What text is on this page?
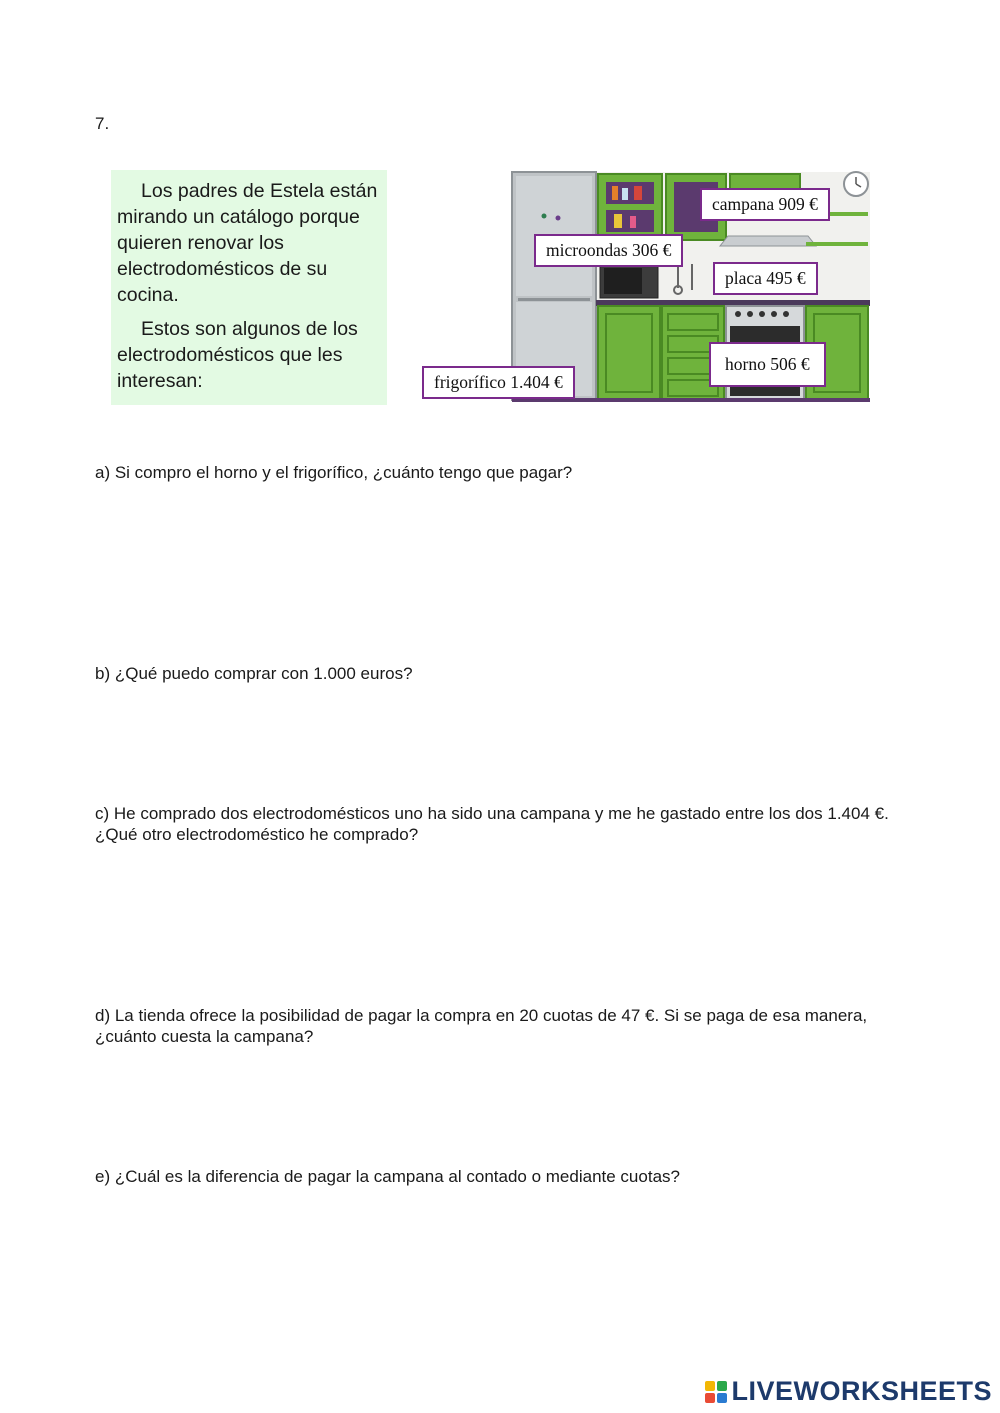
7.

Los padres de Estela están mirando un catálogo porque quieren renovar los electrodomésticos de su cocina.

Estos son algunos de los electrodomésticos que les interesan:

campana 909 €
microondas 306 €
placa 495 €
horno 506 €
frigorífico 1.404 €
a) Si compro el horno y el frigorífico, ¿cuánto tengo que pagar?
b) ¿Qué puedo comprar con 1.000 euros?
c) He comprado dos electrodomésticos uno ha sido una campana y me he gastado entre los dos 1.404 €. ¿Qué otro electrodoméstico he comprado?
d) La tienda ofrece la posibilidad de pagar la compra en 20 cuotas de 47 €. Si se paga de esa manera, ¿cuánto cuesta la campana?
e) ¿Cuál es la diferencia de pagar la campana al contado o mediante cuotas?
LIVEWORKSHEETS
